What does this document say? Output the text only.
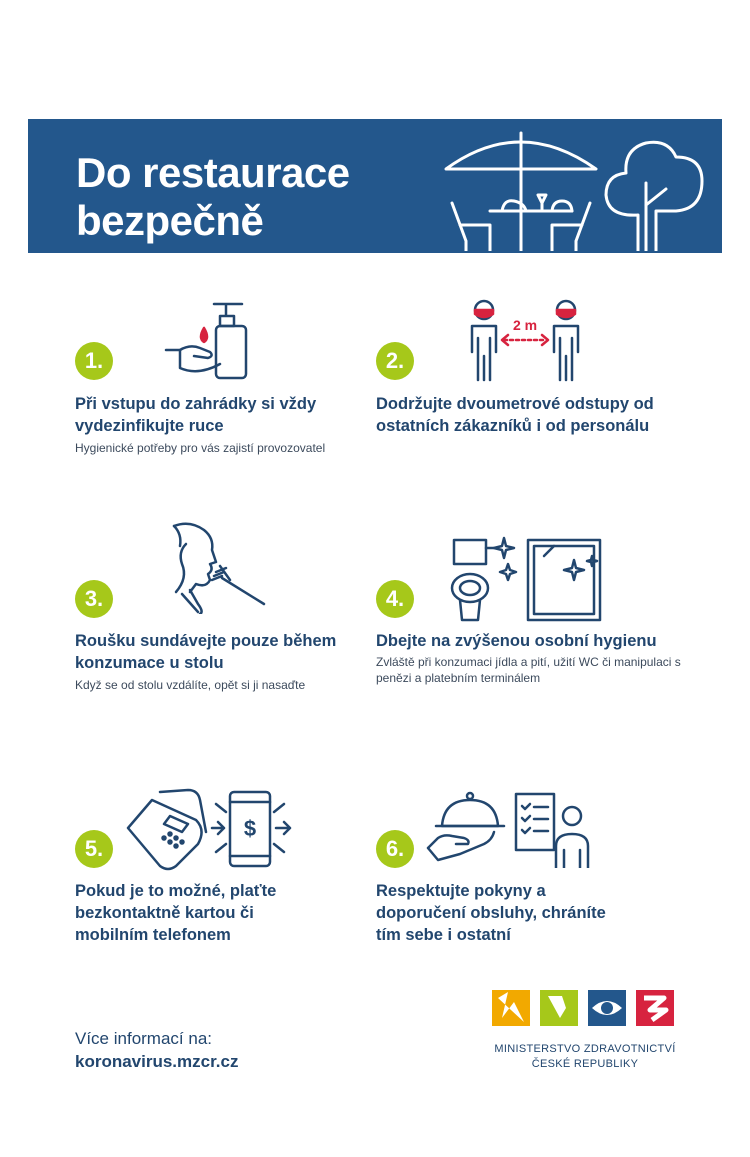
Do restaurace
bezpečně
1.
Při vstupu do zahrádky si vždy vydezinfikujte ruce
Hygienické potřeby pro vás zajistí provozovatel
2 m
2.
Dodržujte dvoumetrové odstupy od ostatních zákazníků i od personálu
3.
Roušku sundávejte pouze během konzumace u stolu
Když se od stolu vzdálíte, opět si ji nasaďte
4.
Dbejte na zvýšenou osobní hygienu
Zvláště při konzumaci jídla a pití, užití WC či manipulaci s penězi a platebním terminálem
$
5.
Pokud je to možné, plaťte bezkontaktně kartou či mobilním telefonem
6.
Respektujte pokyny a doporučení obsluhy, chráníte tím sebe i ostatní
Více informací na:
koronavirus.mzcr.cz
MINISTERSTVO ZDRAVOTNICTVÍ
ČESKÉ REPUBLIKY
